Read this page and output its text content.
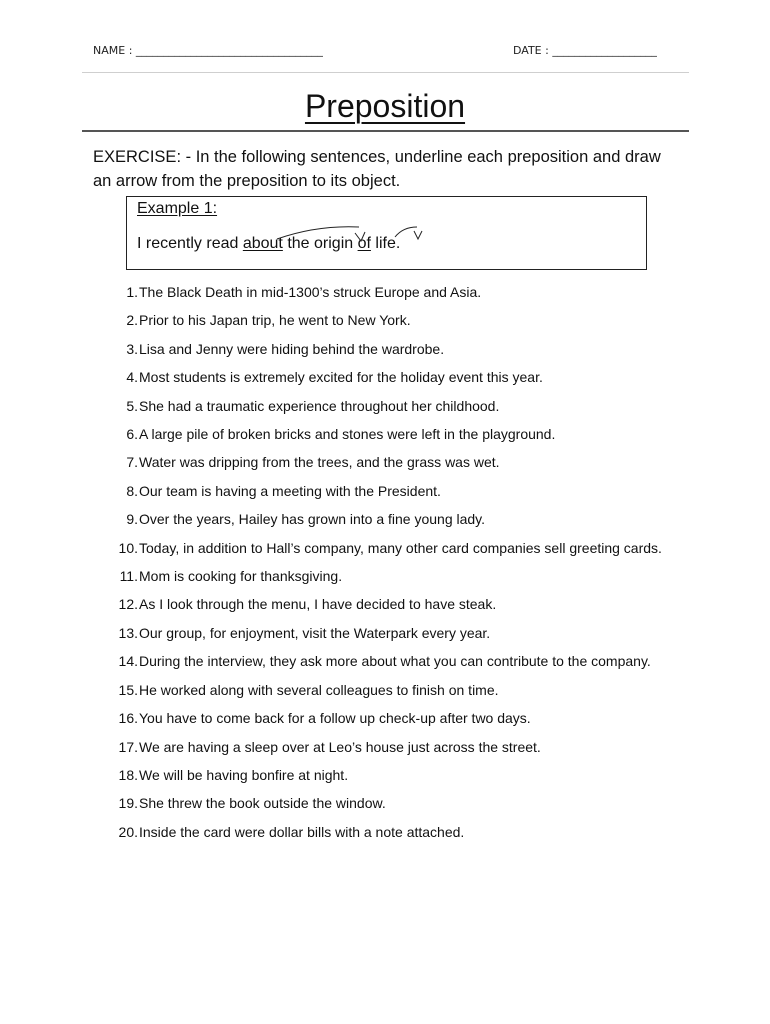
NAME : __________________________________	DATE : ___________________
Preposition
EXERCISE: - In the following sentences, underline each preposition and draw an arrow from the preposition to its object.
Example 1:
I recently read about the origin of life.
1. The Black Death in mid-1300’s struck Europe and Asia.
2. Prior to his Japan trip, he went to New York.
3. Lisa and Jenny were hiding behind the wardrobe.
4. Most students is extremely excited for the holiday event this year.
5. She had a traumatic experience throughout her childhood.
6. A large pile of broken bricks and stones were left in the playground.
7. Water was dripping from the trees, and the grass was wet.
8. Our team is having a meeting with the President.
9. Over the years, Hailey has grown into a fine young lady.
10. Today, in addition to Hall’s company, many other card companies sell greeting cards.
11. Mom is cooking for thanksgiving.
12. As I look through the menu, I have decided to have steak.
13. Our group, for enjoyment, visit the Waterpark every year.
14. During the interview, they ask more about what you can contribute to the company.
15. He worked along with several colleagues to finish on time.
16. You have to come back for a follow up check-up after two days.
17. We are having a sleep over at Leo’s house just across the street.
18. We will be having bonfire at night.
19. She threw the book outside the window.
20. Inside the card were dollar bills with a note attached.
